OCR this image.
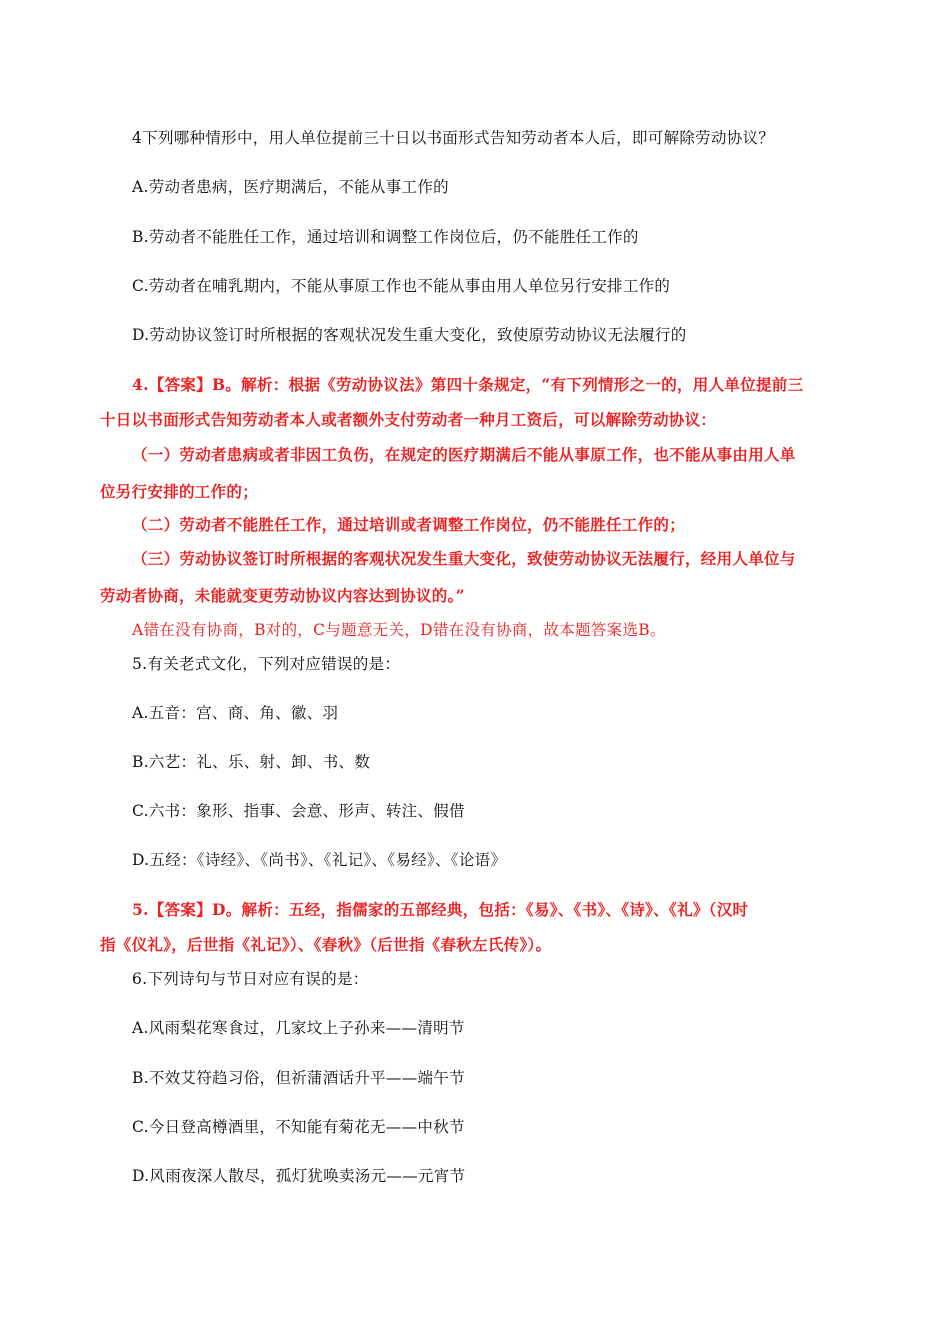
4下列哪种情形中，用人单位提前三十日以书面形式告知劳动者本人后，即可解除劳动协议？
A.劳动者患病，医疗期满后，不能从事工作的
B.劳动者不能胜任工作，通过培训和调整工作岗位后，仍不能胜任工作的
C.劳动者在哺乳期内，不能从事原工作也不能从事由用人单位另行安排工作的
D.劳动协议签订时所根据的客观状况发生重大变化，致使原劳动协议无法履行的
4.【答案】B。解析：根据《劳动协议法》第四十条规定，“有下列情形之一的，用人单位提前三
十日以书面形式告知劳动者本人或者额外支付劳动者一种月工资后，可以解除劳动协议：
（一）劳动者患病或者非因工负伤，在规定的医疗期满后不能从事原工作，也不能从事由用人单
位另行安排的工作的；
（二）劳动者不能胜任工作，通过培训或者调整工作岗位，仍不能胜任工作的；
（三）劳动协议签订时所根据的客观状况发生重大变化，致使劳动协议无法履行，经用人单位与
劳动者协商，未能就变更劳动协议内容达到协议的。”
A错在没有协商，B对的，C与题意无关，D错在没有协商，故本题答案选B。
5.有关老式文化，下列对应错误的是：
A.五音：宫、商、角、徽、羽
B.六艺：礼、乐、射、卸、书、数
C.六书：象形、指事、会意、形声、转注、假借
D.五经：《诗经》、《尚书》、《礼记》、《易经》、《论语》
5.【答案】D。解析：五经，指儒家的五部经典，包括：《易》、《书》、《诗》、《礼》（汉时
指《仪礼》，后世指《礼记》）、《春秋》（后世指《春秋左氏传》）。
6.下列诗句与节日对应有误的是：
A.风雨梨花寒食过，几家坟上子孙来——清明节
B.不效艾符趋习俗，但祈蒲酒话升平——端午节
C.今日登高樽酒里，不知能有菊花无——中秋节
D.风雨夜深人散尽，孤灯犹唤卖汤元——元宵节
